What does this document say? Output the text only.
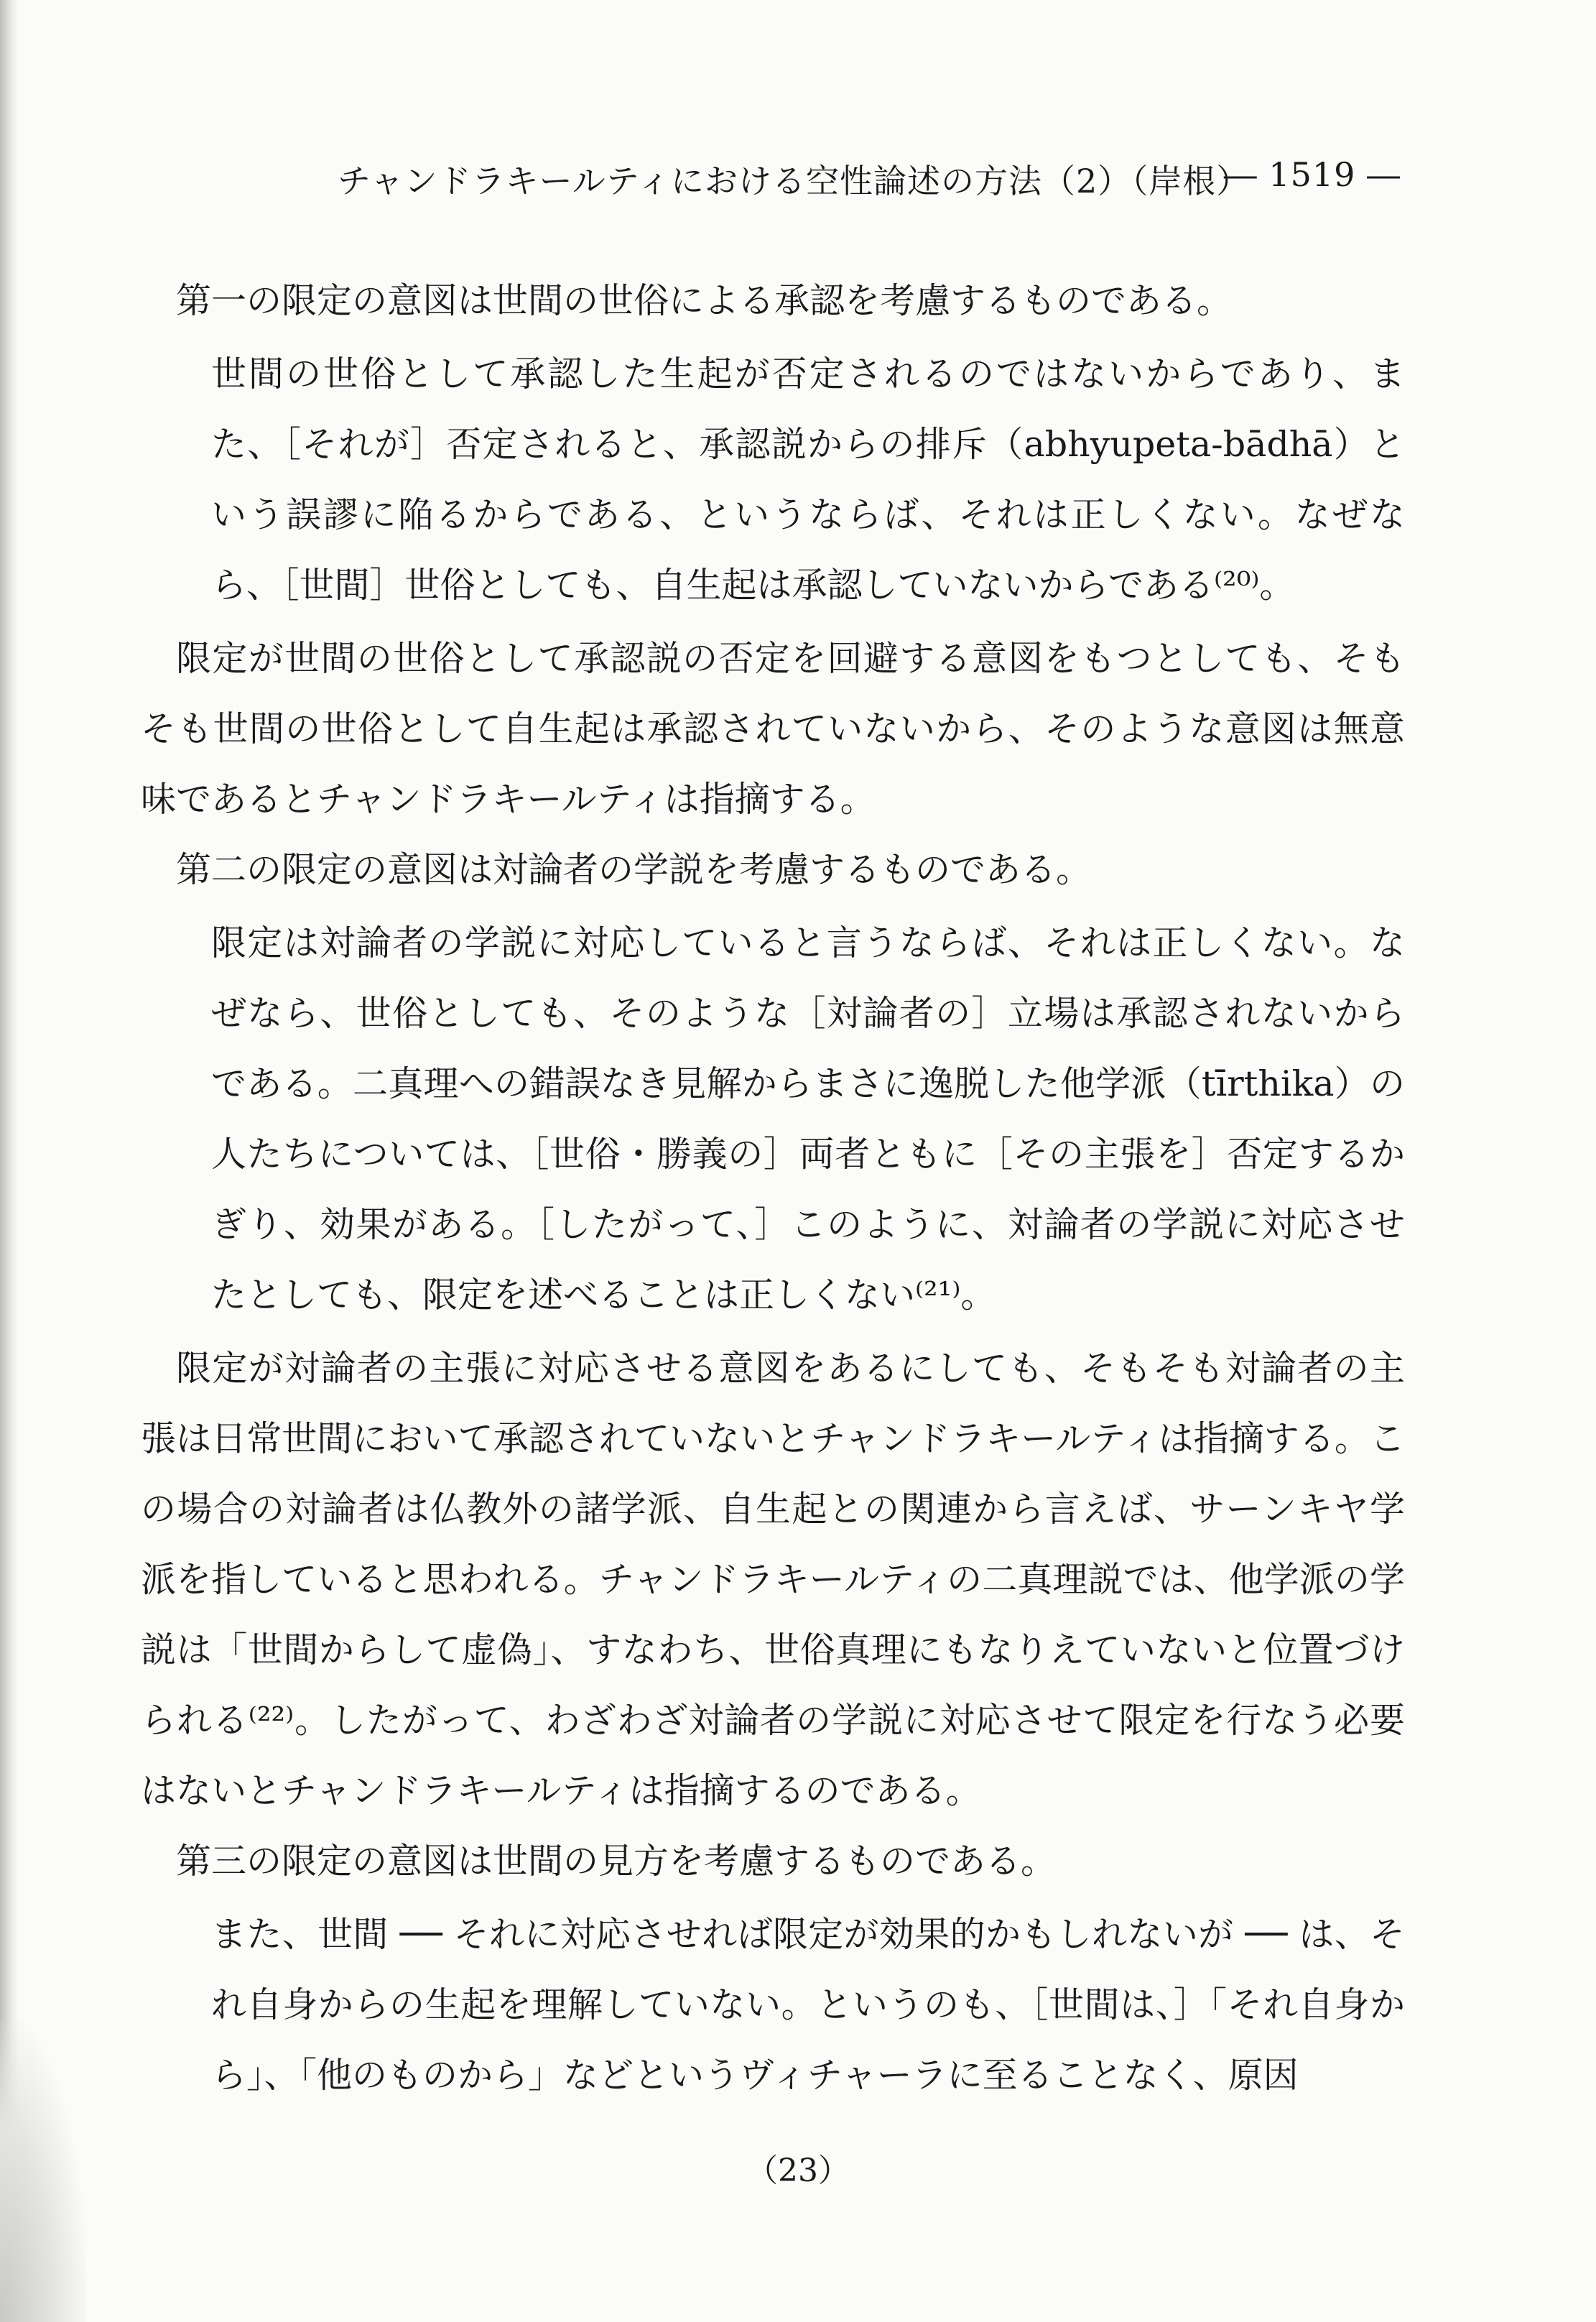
チャンドラキールティにおける空性論述の方法（2）（岸根）
― 1519 ―

第一の限定の意図は世間の世俗による承認を考慮するものである。

世間の世俗として承認した生起が否定されるのではないからであり、また、［それが］否定されると、承認説からの排斥（abhyupeta-bādhā）という誤謬に陥るからである、というならば、それは正しくない。なぜなら、［世間］世俗としても、自生起は承認していないからである⁽²⁰⁾。

限定が世間の世俗として承認説の否定を回避する意図をもつとしても、そもそも世間の世俗として自生起は承認されていないから、そのような意図は無意味であるとチャンドラキールティは指摘する。

第二の限定の意図は対論者の学説を考慮するものである。

限定は対論者の学説に対応していると言うならば、それは正しくない。なぜなら、世俗としても、そのような［対論者の］立場は承認されないからである。二真理への錯誤なき見解からまさに逸脱した他学派（tīrthika）の人たちについては、［世俗・勝義の］両者ともに［その主張を］否定するかぎり、効果がある。［したがって、］このように、対論者の学説に対応させたとしても、限定を述べることは正しくない⁽²¹⁾。

限定が対論者の主張に対応させる意図をあるにしても、そもそも対論者の主張は日常世間において承認されていないとチャンドラキールティは指摘する。この場合の対論者は仏教外の諸学派、自生起との関連から言えば、サーンキヤ学派を指していると思われる。チャンドラキールティの二真理説では、他学派の学説は「世間からして虚偽」、すなわち、世俗真理にもなりえていないと位置づけられる⁽²²⁾。したがって、わざわざ対論者の学説に対応させて限定を行なう必要はないとチャンドラキールティは指摘するのである。

第三の限定の意図は世間の見方を考慮するものである。

また、世間 ── それに対応させれば限定が効果的かもしれないが ── は、それ自身からの生起を理解していない。というのも、［世間は、］「それ自身から」、「他のものから」などというヴィチャーラに至ることなく、原因

（23）
